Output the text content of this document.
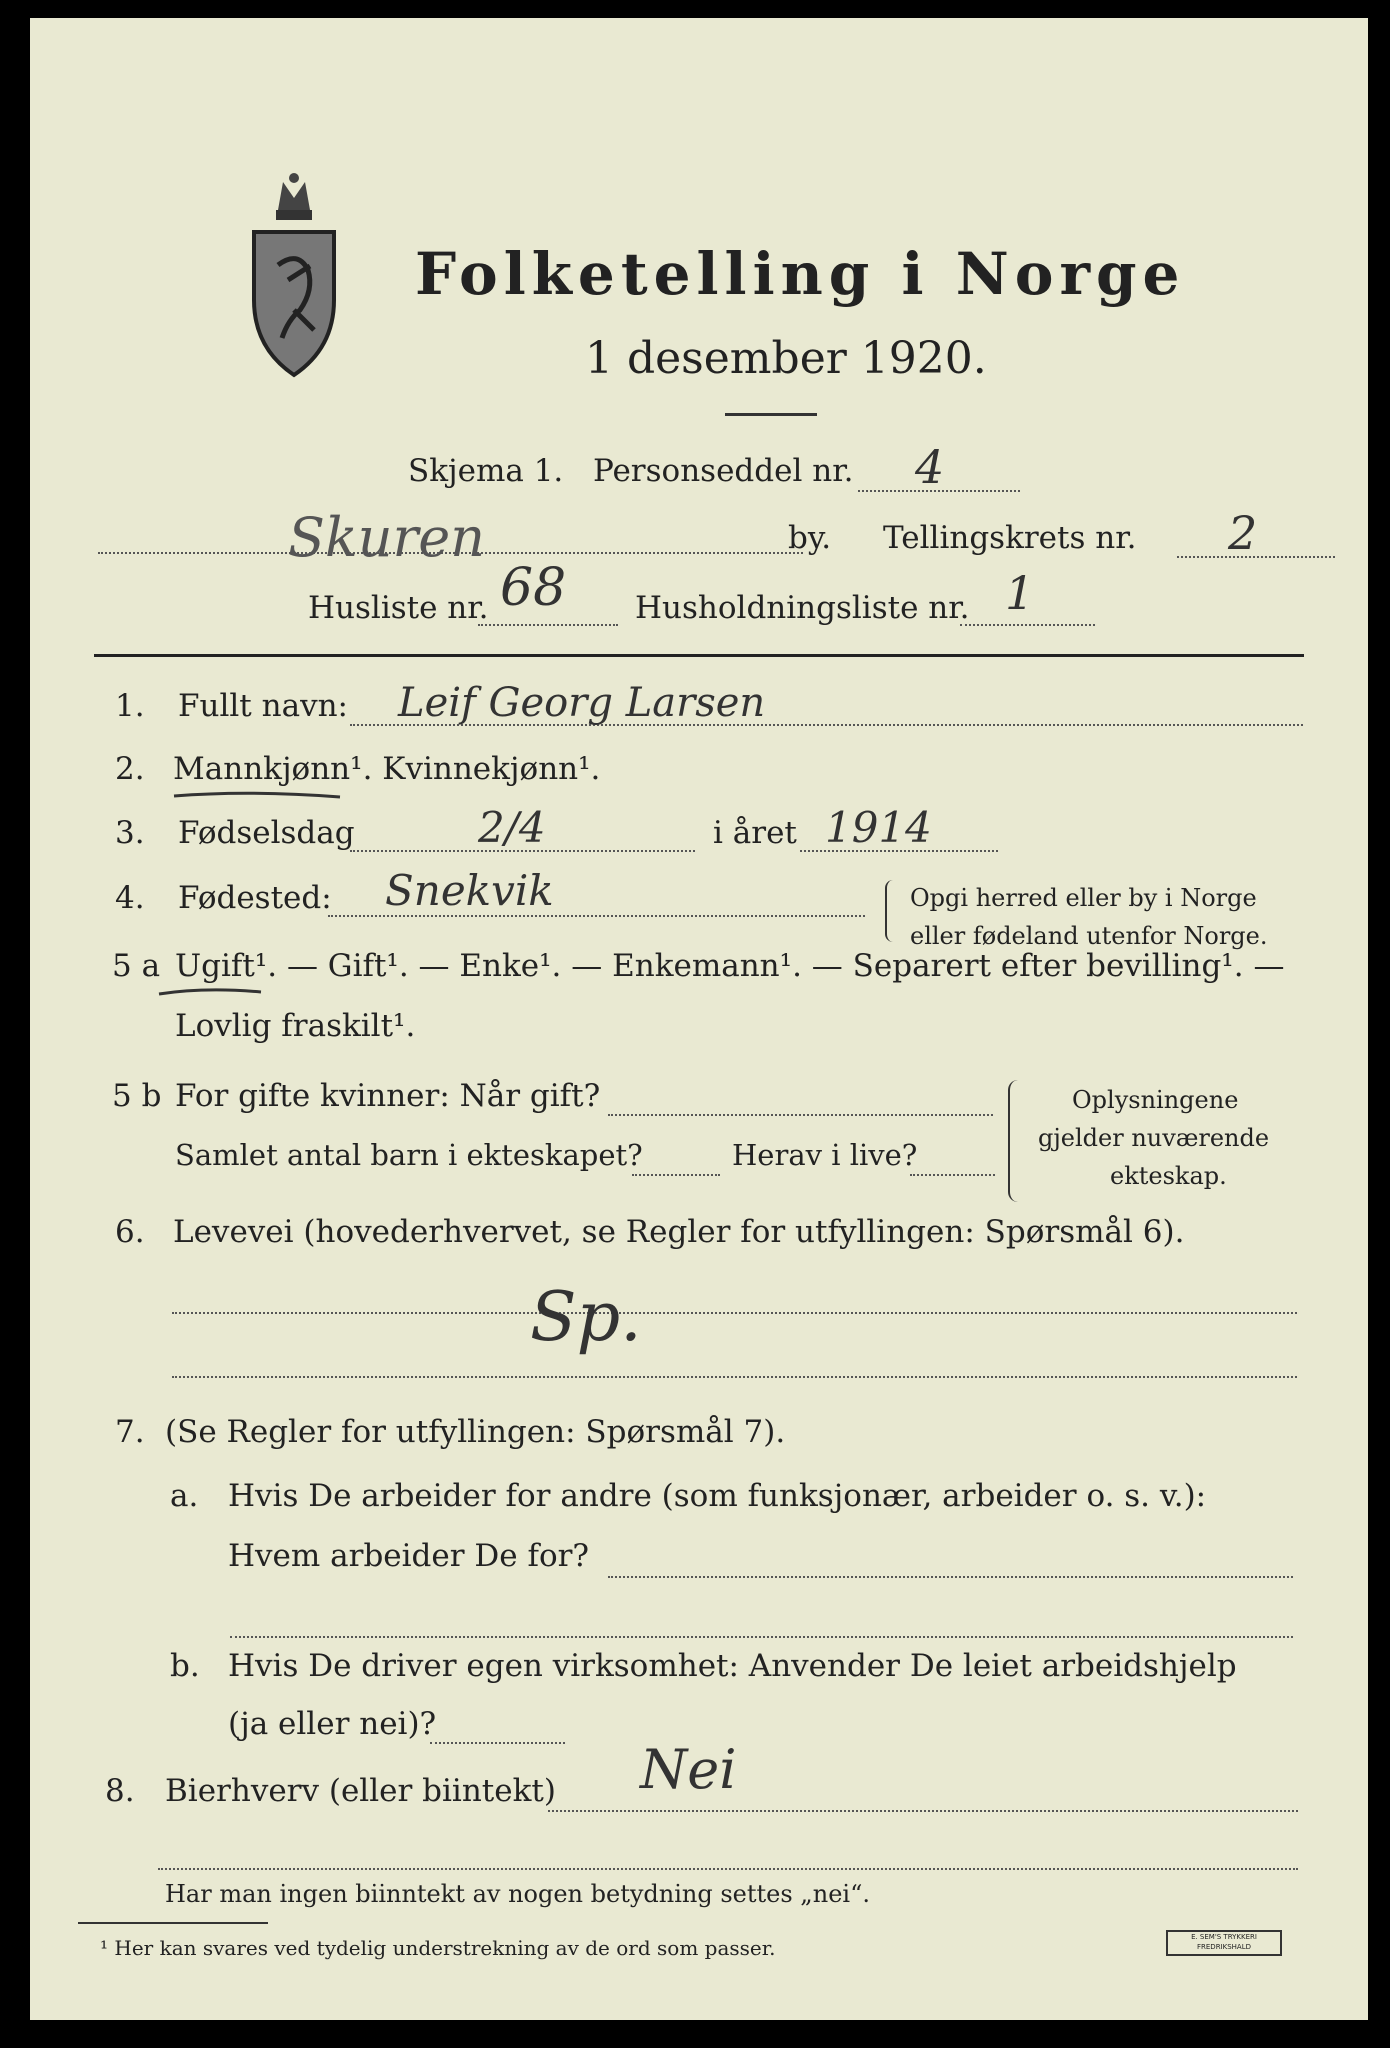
Folketelling i Norge
1 desember 1920.
Skjema 1. Personseddel nr. 4
Skuren	by. Tellingskrets nr. 2
Husliste nr. 68 Husholdningsliste nr. 1
1. Fullt navn: Leif Georg Larsen
2. Mannkjønn¹. Kvinnekjønn¹.
3. Fødselsdag	2/4	i året 1914
4. Fødested: Snekvik	Opgi herred eller by i Norge
eller fødeland utenfor Norge.
5 a Ugift¹. — Gift¹. — Enke¹. — Enkemann¹. — Separert efter bevilling¹. —
Lovlig fraskilt¹.
5 b For gifte kvinner: Når gift?
Samlet antal barn i ekteskapet?	Herav i live?
Oplysningene
gjelder nuværende
ekteskap.
6. Levevei (hovederhvervet, se Regler for utfyllingen: Spørsmål 6).
Sp.
7. (Se Regler for utfyllingen: Spørsmål 7).
a. Hvis De arbeider for andre (som funksjonær, arbeider o. s. v.):
Hvem arbeider De for?
b. Hvis De driver egen virksomhet: Anvender De leiet arbeidshjelp
(ja eller nei)?
8. Bierhverv (eller biintekt) Nei
Har man ingen biinntekt av nogen betydning settes „nei“.
¹ Her kan svares ved tydelig understrekning av de ord som passer.	E. SEM'S TRYKKERI FREDRIKSHALD
